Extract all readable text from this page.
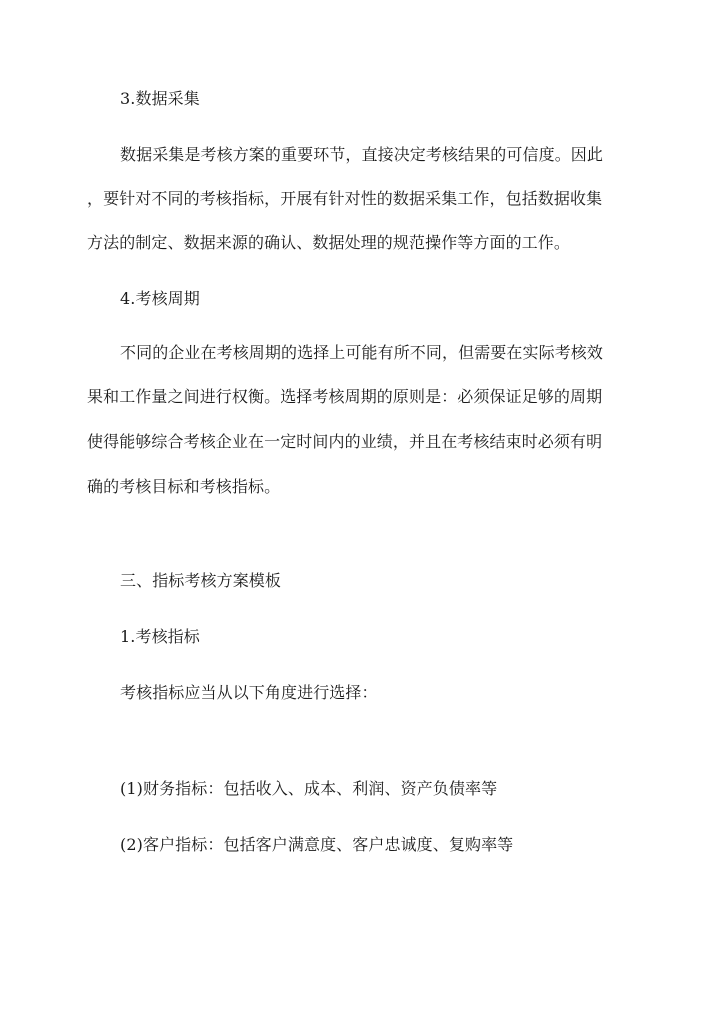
3.数据采集
数据采集是考核方案的重要环节，直接决定考核结果的可信度。因此
，要针对不同的考核指标，开展有针对性的数据采集工作，包括数据收集
方法的制定、数据来源的确认、数据处理的规范操作等方面的工作。
4.考核周期
不同的企业在考核周期的选择上可能有所不同，但需要在实际考核效
果和工作量之间进行权衡。选择考核周期的原则是：必须保证足够的周期
使得能够综合考核企业在一定时间内的业绩，并且在考核结束时必须有明
确的考核目标和考核指标。
三、指标考核方案模板
1.考核指标
考核指标应当从以下角度进行选择：
(1)财务指标：包括收入、成本、利润、资产负债率等
(2)客户指标：包括客户满意度、客户忠诚度、复购率等
